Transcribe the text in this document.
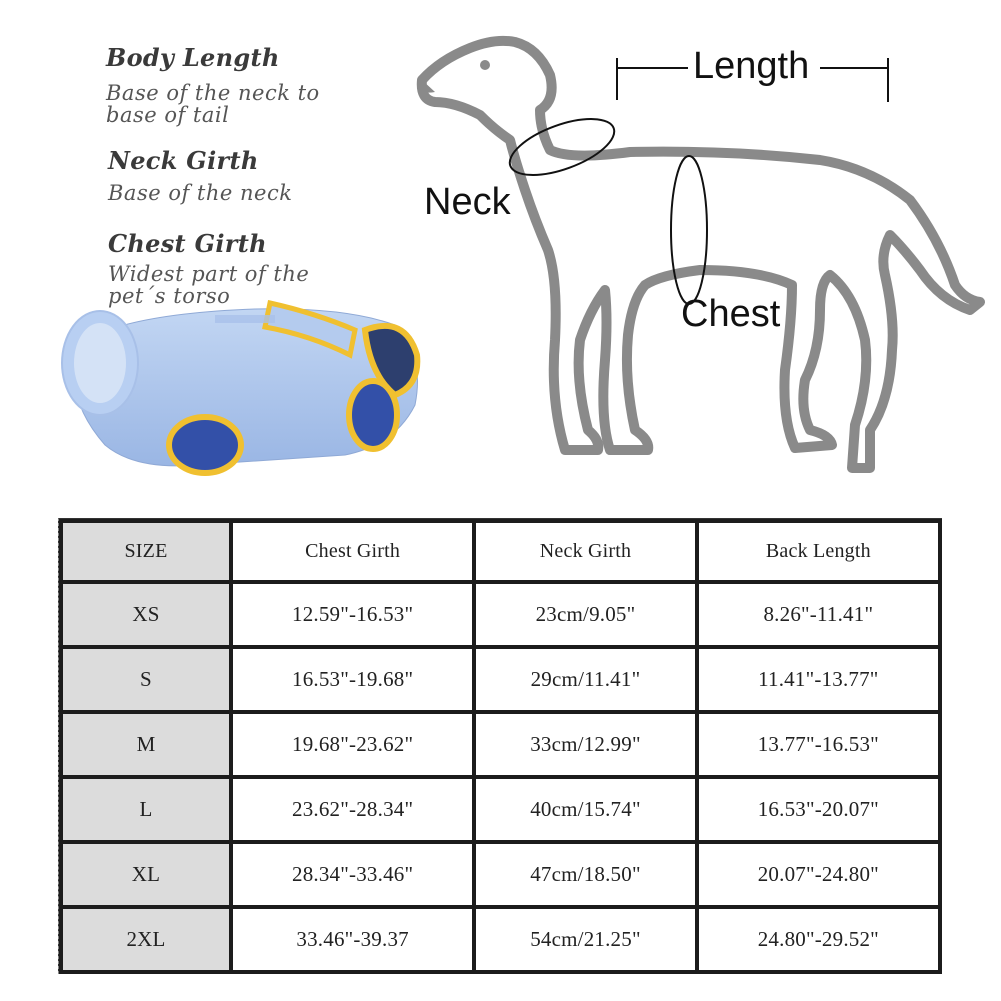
Body Length
Base of the neck to base of tail
Neck Girth
Base of the neck
Chest Girth
Widest part of the pet´s torso
Length
Neck
Chest
SIZE	Chest Girth	Neck Girth	Back Length
XS	12.59"-16.53"	23cm/9.05"	8.26"-11.41"
S	16.53"-19.68"	29cm/11.41"	11.41"-13.77"
M	19.68"-23.62"	33cm/12.99"	13.77"-16.53"
L	23.62"-28.34"	40cm/15.74"	16.53"-20.07"
XL	28.34"-33.46"	47cm/18.50"	20.07"-24.80"
2XL	33.46"-39.37	54cm/21.25"	24.80"-29.52"
